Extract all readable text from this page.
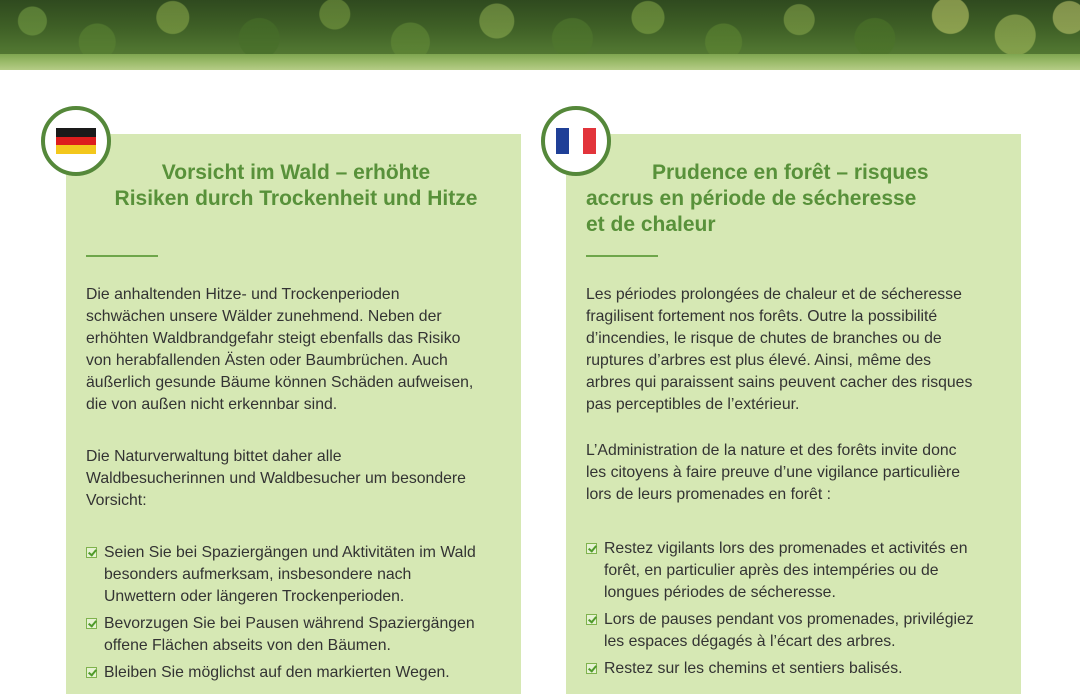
Vorsicht im Wald – erhöhte
Risiken durch Trockenheit und Hitze

Die anhaltenden Hitze- und Trockenperioden
schwächen unsere Wälder zunehmend. Neben der
erhöhten Waldbrandgefahr steigt ebenfalls das Risiko
von herabfallenden Ästen oder Baumbrüchen. Auch
äußerlich gesunde Bäume können Schäden aufweisen,
die von außen nicht erkennbar sind.

Die Naturverwaltung bittet daher alle
Waldbesucherinnen und Waldbesucher um besondere
Vorsicht:

Seien Sie bei Spaziergängen und Aktivitäten im Wald
besonders aufmerksam, insbesondere nach
Unwettern oder längeren Trockenperioden.
Bevorzugen Sie bei Pausen während Spaziergängen
offene Flächen abseits von den Bäumen.
Bleiben Sie möglichst auf den markierten Wegen.
Prudence en forêt – risques
accrus en période de sécheresse
et de chaleur

Les périodes prolongées de chaleur et de sécheresse
fragilisent fortement nos forêts. Outre la possibilité
d’incendies, le risque de chutes de branches ou de
ruptures d’arbres est plus élevé. Ainsi, même des
arbres qui paraissent sains peuvent cacher des risques
pas perceptibles de l’extérieur.

L’Administration de la nature et des forêts invite donc
les citoyens à faire preuve d’une vigilance particulière
lors de leurs promenades en forêt :

Restez vigilants lors des promenades et activités en
forêt, en particulier après des intempéries ou de
longues périodes de sécheresse.
Lors de pauses pendant vos promenades, privilégiez
les espaces dégagés à l’écart des arbres.
Restez sur les chemins et sentiers balisés.
